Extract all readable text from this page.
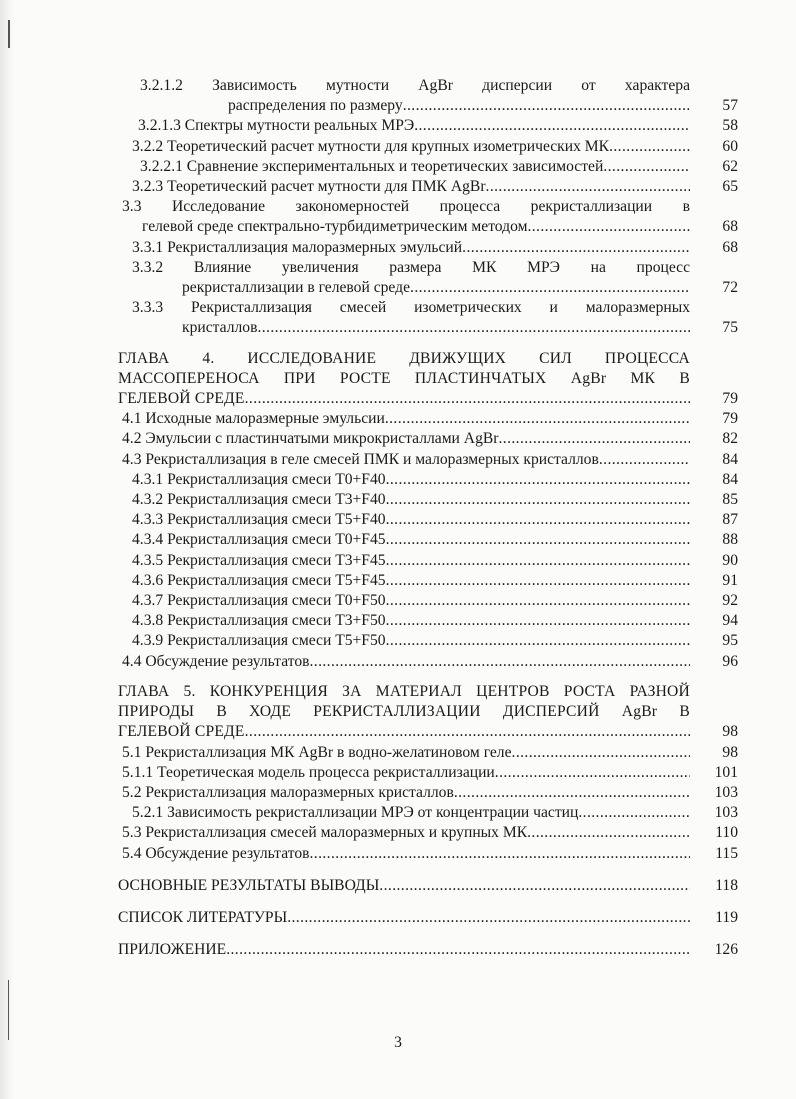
3.2.1.2 Зависимость мутности AgBr дисперсии от характера
распределения по размеру .....	57
3.2.1.3 Спектры мутности реальных МРЭ .....	58
3.2.2 Теоретический расчет мутности для крупных изометрических МК .....	60
3.2.2.1 Сравнение экспериментальных и теоретических зависимостей .....	62
3.2.3 Теоретический расчет мутности для ПМК AgBr .....	65
3.3 Исследование закономерностей процесса рекристаллизации в
гелевой среде спектрально-турбидиметрическим методом .....	68
3.3.1 Рекристаллизация малоразмерных эмульсий .....	68
3.3.2 Влияние увеличения размера МК МРЭ на процесс
рекристаллизации в гелевой среде .....	72
3.3.3 Рекристаллизация смесей изометрических и малоразмерных
кристаллов .....	75
ГЛАВА 4. ИССЛЕДОВАНИЕ ДВИЖУЩИХ СИЛ ПРОЦЕССА
МАССОПЕРЕНОСА ПРИ РОСТЕ ПЛАСТИНЧАТЫХ AgBr МК В
ГЕЛЕВОЙ СРЕДЕ .....	79
4.1 Исходные малоразмерные эмульсии .....	79
4.2 Эмульсии с пластинчатыми микрокристаллами AgBr .....	82
4.3 Рекристаллизация в геле смесей ПМК и малоразмерных кристаллов .....	84
4.3.1 Рекристаллизация смеси T0+F40 .....	84
4.3.2 Рекристаллизация смеси T3+F40 .....	85
4.3.3 Рекристаллизация смеси T5+F40 .....	87
4.3.4 Рекристаллизация смеси T0+F45 .....	88
4.3.5 Рекристаллизация смеси T3+F45 .....	90
4.3.6 Рекристаллизация смеси T5+F45 .....	91
4.3.7 Рекристаллизация смеси T0+F50 .....	92
4.3.8 Рекристаллизация смеси T3+F50 .....	94
4.3.9 Рекристаллизация смеси T5+F50 .....	95
4.4 Обсуждение результатов .....	96
ГЛАВА 5. КОНКУРЕНЦИЯ ЗА МАТЕРИАЛ ЦЕНТРОВ РОСТА РАЗНОЙ
ПРИРОДЫ В ХОДЕ РЕКРИСТАЛЛИЗАЦИИ ДИСПЕРСИЙ AgBr В
ГЕЛЕВОЙ СРЕДЕ .....	98
5.1 Рекристаллизация МК AgBr в водно-желатиновом геле .....	98
5.1.1 Теоретическая модель процесса рекристаллизации .....	101
5.2 Рекристаллизация малоразмерных кристаллов .....	103
5.2.1 Зависимость рекристаллизации МРЭ от концентрации частиц .....	103
5.3 Рекристаллизация смесей малоразмерных и крупных МК .....	110
5.4 Обсуждение результатов .....	115
ОСНОВНЫЕ РЕЗУЛЬТАТЫ ВЫВОДЫ .....	118
СПИСОК ЛИТЕРАТУРЫ .....	119
ПРИЛОЖЕНИЕ .....	126
3
